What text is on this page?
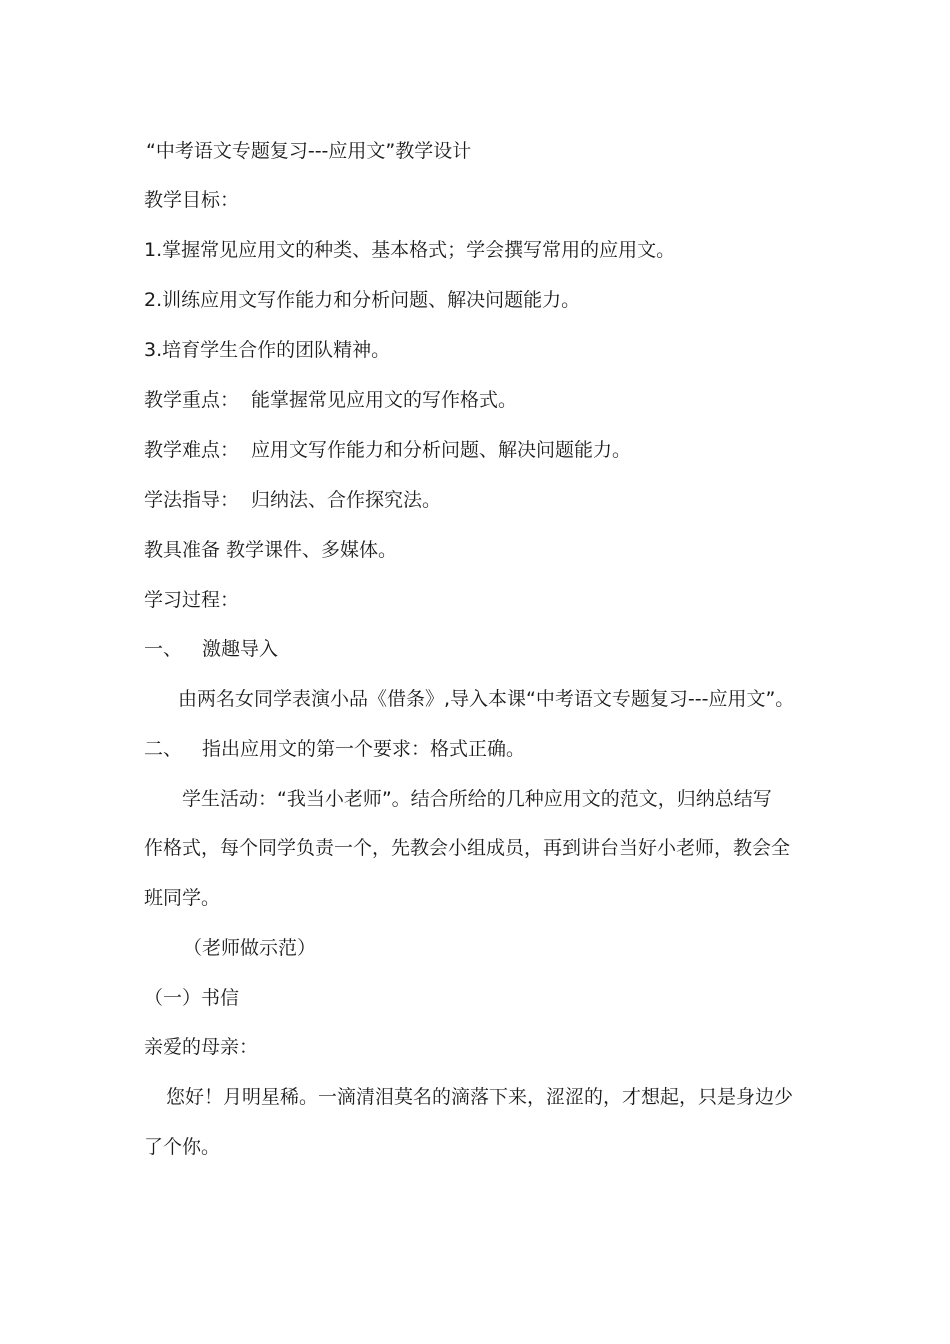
“中考语文专题复习---应用文”教学设计
教学目标：
1.掌握常见应用文的种类、基本格式；学会撰写常用的应用文。
2.训练应用文写作能力和分析问题、解决问题能力。
3.培育学生合作的团队精神。
教学重点： 能掌握常见应用文的写作格式。
教学难点： 应用文写作能力和分析问题、解决问题能力。
学法指导： 归纳法、合作探究法。
教具准备 教学课件、多媒体。
学习过程：
一、 激趣导入
由两名女同学表演小品《借条》,导入本课“中考语文专题复习---应用文”。
二、 指出应用文的第一个要求：格式正确。
学生活动：“我当小老师”。结合所给的几种应用文的范文，归纳总结写
作格式，每个同学负责一个，先教会小组成员，再到讲台当好小老师，教会全
班同学。
（老师做示范）
（一）书信
亲爱的母亲：
您好！月明星稀。一滴清泪莫名的滴落下来，涩涩的，才想起，只是身边少
了个你。
